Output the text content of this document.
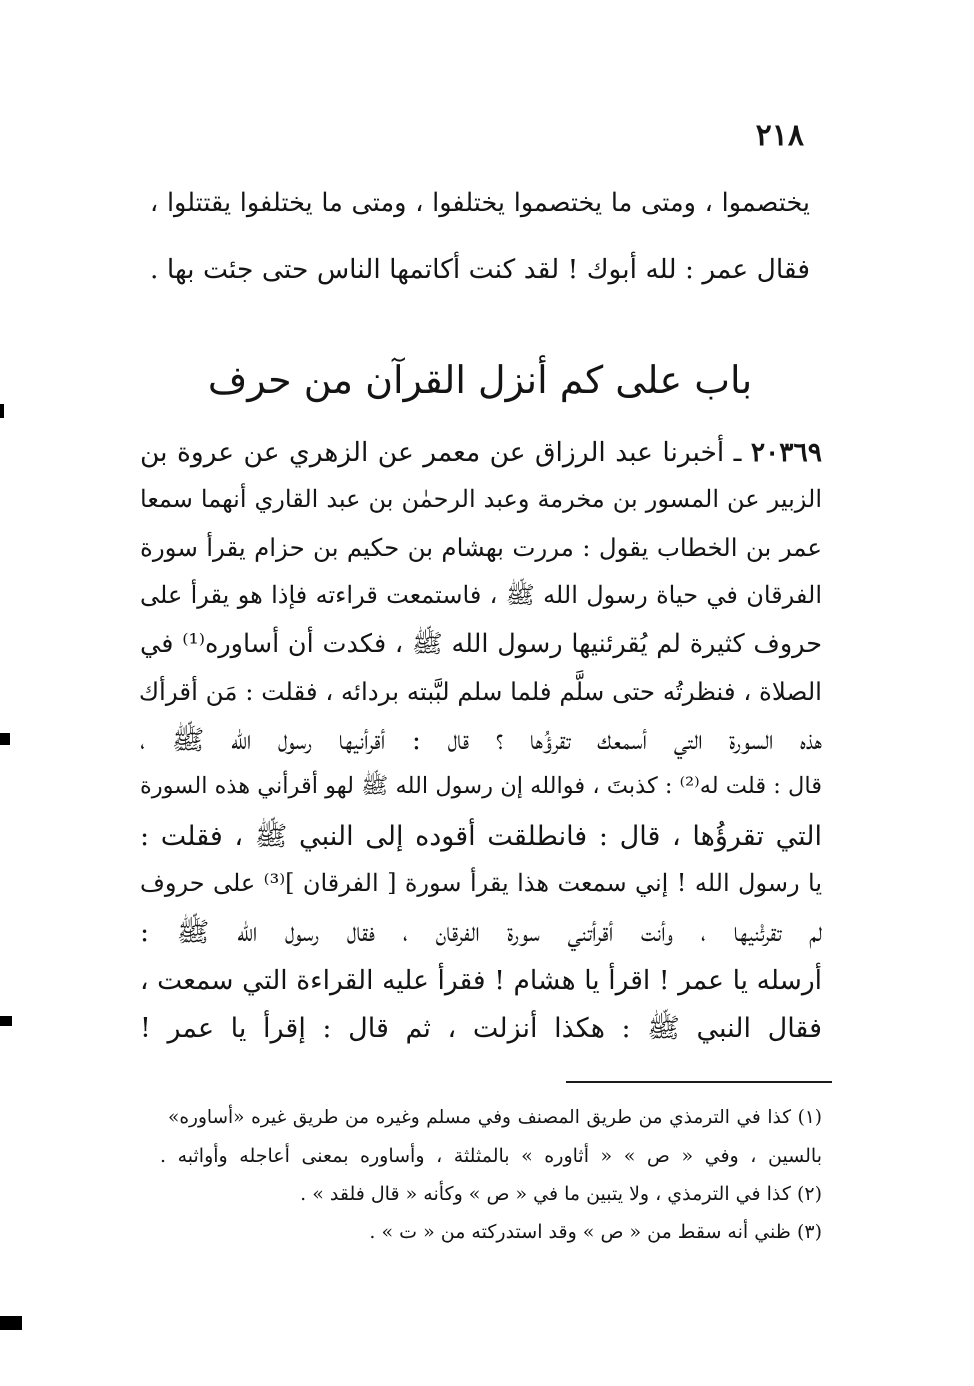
٢١٨
يختصموا ، ومتى ما يختصموا يختلفوا ، ومتى ما يختلفوا يقتتلوا ،
فقال عمر : لله أبوك ! لقد كنت أكاتمها الناس حتى جئت بها .
باب على كم أنزل القرآن من حرف
٢٠٣٦٩ ـ أخبرنا عبد الرزاق عن معمر عن الزهري عن عروة بن
الزبير عن المسور بن مخرمة وعبد الرحمٰن بن عبد القاري أنهما سمعا
عمر بن الخطاب يقول : مررت بهشام بن حكيم بن حزام يقرأ سورة
الفرقان في حياة رسول الله ﷺ ، فاستمعت قراءته فإذا هو يقرأ على
حروف كثيرة لم يُقرئنيها رسول الله ﷺ ، فكدت أن أساوره⁽¹⁾ في
الصلاة ، فنظرتُه حتى سلَّم فلما سلم لبَّبته بردائه ، فقلت : مَن أقرأك
هذه السورة التي أسمعك تقرؤُها ؟ قال : أقرأنيها رسول الله ﷺ ،
قال : قلت له⁽²⁾ : كذبتَ ، فوالله إن رسول الله ﷺ لهو أقرأني هذه السورة
التي تقرؤُها ، قال : فانطلقت أقوده إلى النبي ﷺ ، فقلت :
يا رسول الله ! إني سمعت هذا يقرأ سورة [ الفرقان ]⁽³⁾ على حروف
لم تقرئْنيها ، وأنت أقرأتني سورة الفرقان ، فقال رسول الله ﷺ :
أرسله يا عمر ! اقرأ يا هشام ! فقرأ عليه القراءة التي سمعت ،
فقال النبي ﷺ : هكذا أنزلت ، ثم قال : إقرأ يا عمر !
(١) كذا في الترمذي من طريق المصنف وفي مسلم وغيره من طريق غيره «أساوره»
بالسين ، وفي « ص » « أثاوره » بالمثلثة ، وأساوره بمعنى أعاجله وأواثبه .
(٢) كذا في الترمذي ، ولا يتبين ما في « ص » وكأنه « قال فلقد » .
(٣) ظني أنه سقط من « ص » وقد استدركته من « ت » .
